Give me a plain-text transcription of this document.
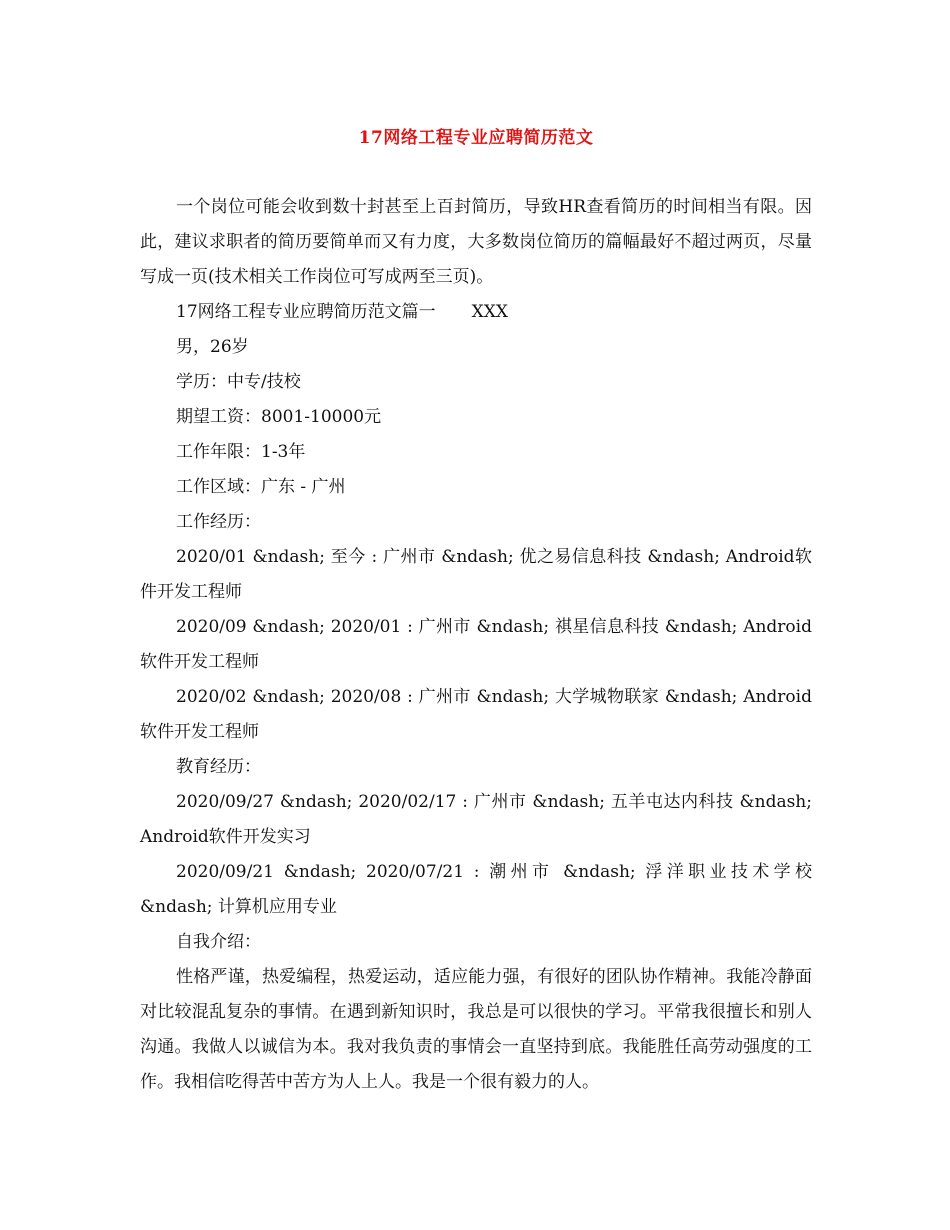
17网络工程专业应聘简历范文

一个岗位可能会收到数十封甚至上百封简历，导致HR查看简历的时间相当有限。因此，建议求职者的简历要简单而又有力度，大多数岗位简历的篇幅最好不超过两页，尽量写成一页(技术相关工作岗位可写成两至三页)。

17网络工程专业应聘简历范文篇一 XXX

男，26岁

学历：中专/技校

期望工资：8001-10000元

工作年限：1-3年

工作区域：广东 - 广州

工作经历：

2020/01 &ndash; 至今 : 广州市 &ndash; 优之易信息科技 &ndash; Android软件开发工程师

2020/09 &ndash; 2020/01 : 广州市 &ndash; 祺星信息科技 &ndash; Android软件开发工程师

2020/02 &ndash; 2020/08 : 广州市 &ndash; 大学城物联家 &ndash; Android软件开发工程师

教育经历：

2020/09/27 &ndash; 2020/02/17 : 广州市 &ndash; 五羊屯达内科技 &ndash; Android软件开发实习

2020/09/21 &ndash; 2020/07/21 : 潮州市 &ndash; 浮洋职业技术学校 &ndash; 计算机应用专业

自我介绍：

性格严谨，热爱编程，热爱运动，适应能力强，有很好的团队协作精神。我能冷静面对比较混乱复杂的事情。在遇到新知识时，我总是可以很快的学习。平常我很擅长和别人沟通。我做人以诚信为本。我对我负责的事情会一直坚持到底。我能胜任高劳动强度的工作。我相信吃得苦中苦方为人上人。我是一个很有毅力的人。
